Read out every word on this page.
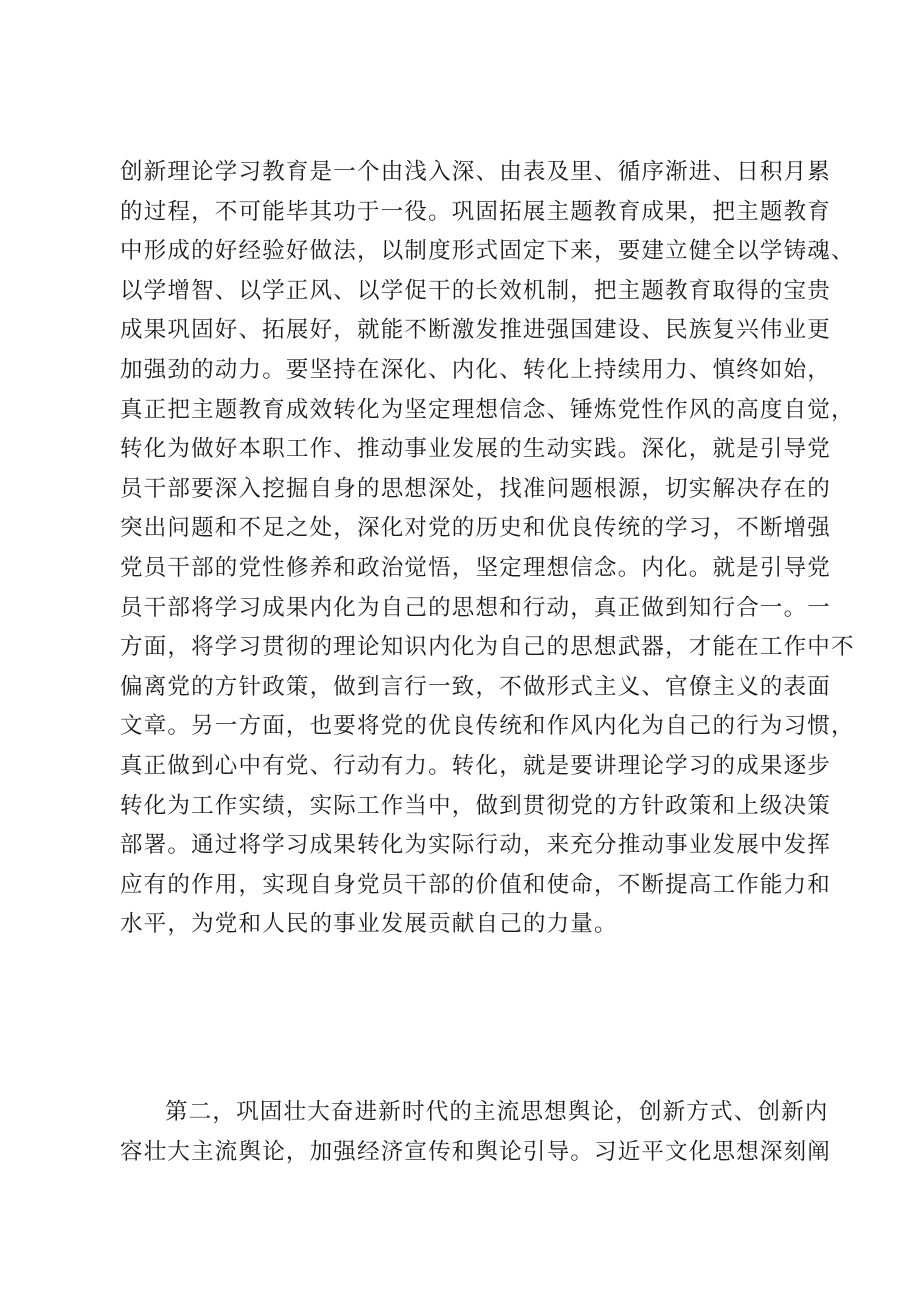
创新理论学习教育是一个由浅入深、由表及里、循序渐进、日积月累
的过程，不可能毕其功于一役。巩固拓展主题教育成果，把主题教育
中形成的好经验好做法，以制度形式固定下来，要建立健全以学铸魂、
以学增智、以学正风、以学促干的长效机制，把主题教育取得的宝贵
成果巩固好、拓展好，就能不断激发推进强国建设、民族复兴伟业更
加强劲的动力。要坚持在深化、内化、转化上持续用力、慎终如始，
真正把主题教育成效转化为坚定理想信念、锤炼党性作风的高度自觉，
转化为做好本职工作、推动事业发展的生动实践。深化，就是引导党
员干部要深入挖掘自身的思想深处，找准问题根源，切实解决存在的
突出问题和不足之处，深化对党的历史和优良传统的学习，不断增强
党员干部的党性修养和政治觉悟，坚定理想信念。内化。就是引导党
员干部将学习成果内化为自己的思想和行动，真正做到知行合一。一
方面，将学习贯彻的理论知识内化为自己的思想武器，才能在工作中不
偏离党的方针政策，做到言行一致，不做形式主义、官僚主义的表面
文章。另一方面，也要将党的优良传统和作风内化为自己的行为习惯，
真正做到心中有党、行动有力。转化，就是要讲理论学习的成果逐步
转化为工作实绩，实际工作当中，做到贯彻党的方针政策和上级决策
部署。通过将学习成果转化为实际行动，来充分推动事业发展中发挥
应有的作用，实现自身党员干部的价值和使命，不断提高工作能力和
水平，为党和人民的事业发展贡献自己的力量。
第二，巩固壮大奋进新时代的主流思想舆论，创新方式、创新内
容壮大主流舆论，加强经济宣传和舆论引导。习近平文化思想深刻阐
